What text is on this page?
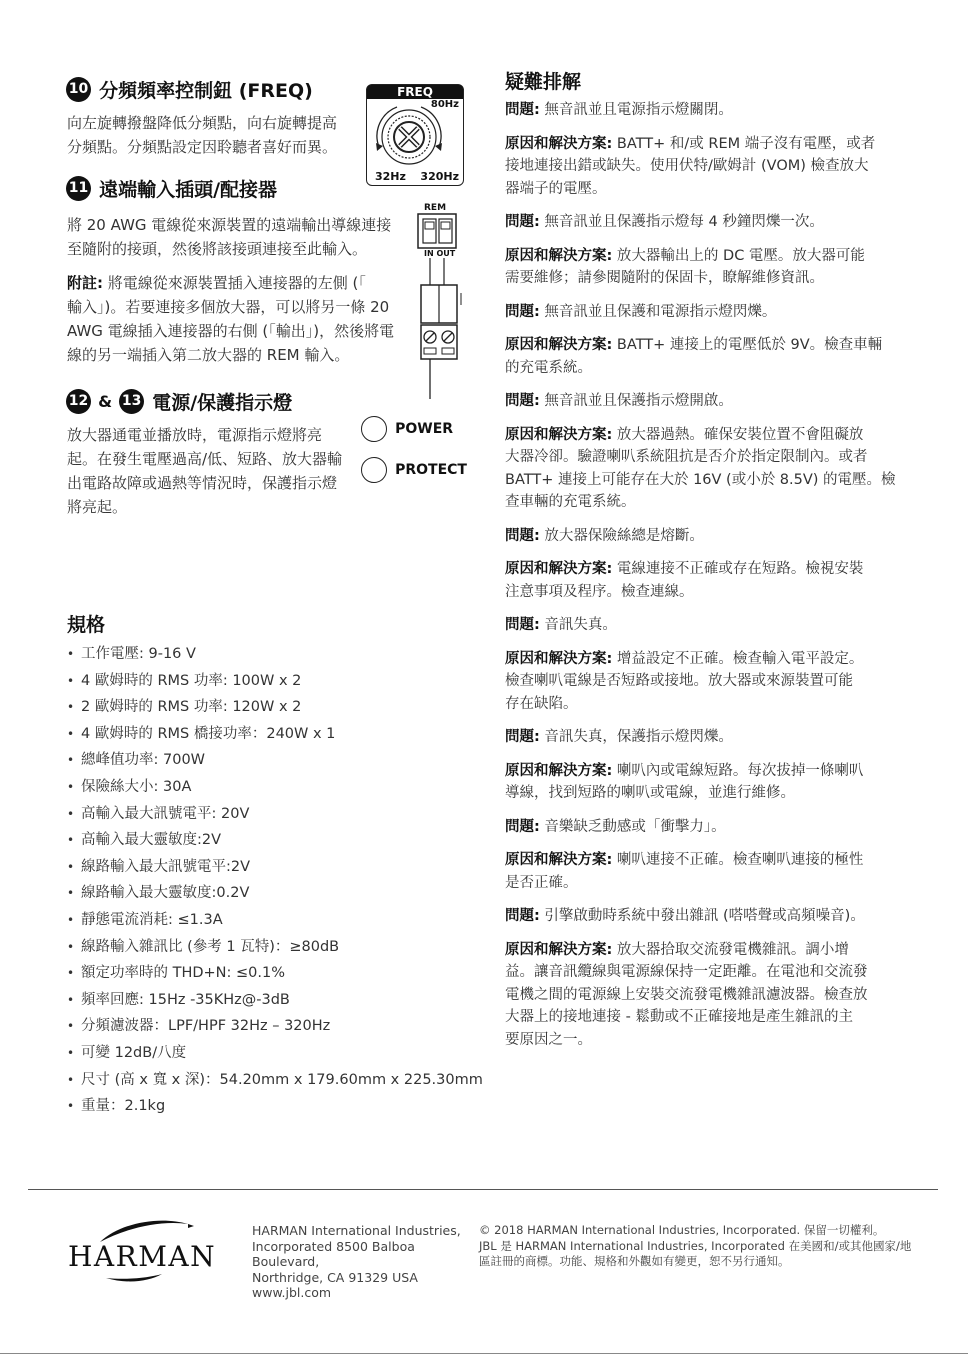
10 分頻頻率控制鈕 (FREQ)
向左旋轉撥盤降低分頻點，向右旋轉提高
分頻點。分頻點設定因聆聽者喜好而異。
FREQ
80Hz
32Hz 320Hz
11 遠端輸入插頭/配接器
將 20 AWG 電線從來源裝置的遠端輸出導線連接
至隨附的接頭，然後將該接頭連接至此輸入。
附註: 將電線從來源裝置插入連接器的左側 (「
輸入」)。若要連接多個放大器，可以將另一條 20
AWG 電線插入連接器的右側 (「輸出」)，然後將電
線的另一端插入第二放大器的 REM 輸入。
REM
IN OUT
12 & 13 電源/保護指示燈
放大器通電並播放時，電源指示燈將亮
起。在發生電壓過高/低、短路、放大器輸
出電路故障或過熱等情況時，保護指示燈
將亮起。
POWER
PROTECT
規格
• 工作電壓: 9-16 V
• 4 歐姆時的 RMS 功率: 100W x 2
• 2 歐姆時的 RMS 功率: 120W x 2
• 4 歐姆時的 RMS 橋接功率：240W x 1
• 總峰值功率: 700W
• 保險絲大小: 30A
• 高輸入最大訊號電平: 20V
• 高輸入最大靈敏度:2V
• 線路輸入最大訊號電平:2V
• 線路輸入最大靈敏度:0.2V
• 靜態電流消耗: ≤1.3A
• 線路輸入雜訊比 (參考 1 瓦特)：≥80dB
• 額定功率時的 THD+N: ≤0.1%
• 頻率回應: 15Hz -35KHz@-3dB
• 分頻濾波器：LPF/HPF 32Hz – 320Hz
• 可變 12dB/八度
• 尺寸 (高 x 寬 x 深)：54.20mm x 179.60mm x 225.30mm
• 重量：2.1kg
疑難排解

問題: 無音訊並且電源指示燈關閉。

原因和解決方案: BATT+ 和/或 REM 端子沒有電壓，或者

接地連接出錯或缺失。使用伏特/歐姆計 (VOM) 檢查放大

器端子的電壓。

問題: 無音訊並且保護指示燈每 4 秒鐘閃爍一次。

原因和解決方案: 放大器輸出上的 DC 電壓。放大器可能

需要維修；請參閱隨附的保固卡，瞭解維修資訊。

問題: 無音訊並且保護和電源指示燈閃爍。

原因和解決方案: BATT+ 連接上的電壓低於 9V。檢查車輛

的充電系統。

問題: 無音訊並且保護指示燈開啟。

原因和解決方案: 放大器過熱。確保安裝位置不會阻礙放

大器冷卻。驗證喇叭系統阻抗是否介於指定限制內。或者

BATT+ 連接上可能存在大於 16V (或小於 8.5V) 的電壓。檢

查車輛的充電系統。

問題: 放大器保險絲總是熔斷。

原因和解決方案: 電線連接不正確或存在短路。檢視安裝

注意事項及程序。檢查連線。

問題: 音訊失真。

原因和解決方案: 增益設定不正確。檢查輸入電平設定。

檢查喇叭電線是否短路或接地。放大器或來源裝置可能

存在缺陷。

問題: 音訊失真，保護指示燈閃爍。

原因和解決方案: 喇叭內或電線短路。每次拔掉一條喇叭

導線，找到短路的喇叭或電線，並進行維修。

問題: 音樂缺乏動感或「衝擊力」。

原因和解決方案: 喇叭連接不正確。檢查喇叭連接的極性

是否正確。

問題: 引擎啟動時系統中發出雜訊 (嗒嗒聲或高頻噪音)。

原因和解決方案: 放大器拾取交流發電機雜訊。調小增

益。讓音訊纜線與電源線保持一定距離。在電池和交流發

電機之間的電源線上安裝交流發電機雜訊濾波器。檢查放

大器上的接地連接 - 鬆動或不正確接地是產生雜訊的主

要原因之一。

HARMAN
HARMAN International Industries,
Incorporated 8500 Balboa Boulevard,
Northridge, CA 91329 USA
www.jbl.com
© 2018 HARMAN International Industries, Incorporated. 保留一切權利。
JBL 是 HARMAN International Industries, Incorporated 在美國和/或其他國家/地
區註冊的商標。功能、規格和外觀如有變更，恕不另行通知。
